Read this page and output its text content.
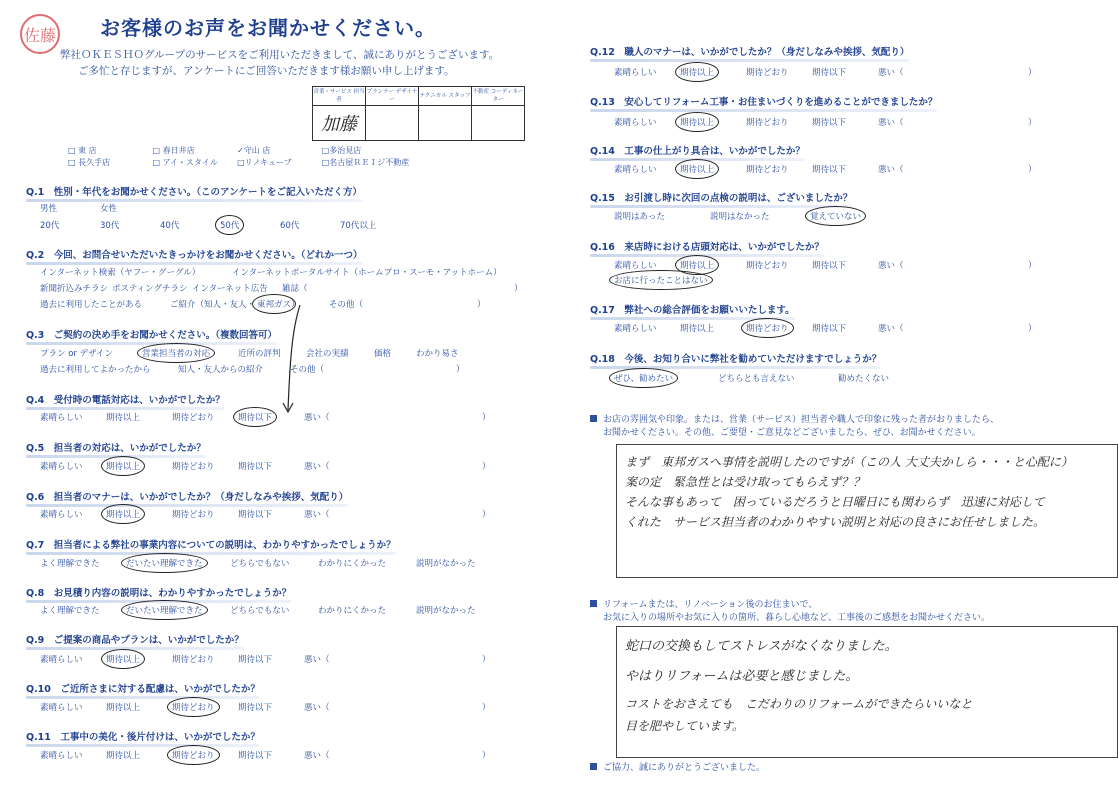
佐藤 お客様のお声をお聞かせください。
弊社ＯＫＥＳＨＯグループのサービスをご利用いただきまして、誠にありがとうございます。
ご多忙と存じますが、アンケートにご回答いただきます様お願い申し上げます。
営業・サービス 担当者	プランナー デザイナー	テクニカル スタッフ	不動産 コーディネーター
加藤			
□ 東 店	□ 春日井店	✓守山 店	□多治見店
□ 長久手店	□ アイ・スタイル □リノキューブ	□名古屋ＲＥＩジ不動産
Q.1　性別・年代をお聞かせください。（このアンケートをご記入いただく方）
男性	女性
20代	30代	40代	50代	60代	70代以上
Q.2　今回、お問合せいただいたきっかけをお聞かせください。（どれか一つ）
インターネット検索（ヤフー・グーグル）	インターネットポータルサイト（ホームプロ・スーモ・アットホーム）
新聞折込みチラシ ポスティングチラシ インターネット広告 雑誌（	）
過去に利用したことがある	ご紹介（知人・友人・ 東邦ガス）	その他（	）
Q.3　ご契約の決め手をお聞かせください。（複数回答可）
プラン or デザイン	営業担当者の対応	近所の評判	会社の実績	価格	わかり易さ
過去に利用してよかったから	知人・友人からの紹介	その他（	）
Q.4　受付時の電話対応は、いかがでしたか？
素晴らしい	期待以上	期待どおり	期待以下	悪い（	）
Q.5　担当者の対応は、いかがでしたか？
素晴らしい	期待以上	期待どおり	期待以下	悪い（	）
Q.6　担当者のマナーは、いかがでしたか？（身だしなみや挨拶、気配り）
素晴らしい	期待以上	期待どおり	期待以下	悪い（	）
Q.7　担当者による弊社の事業内容についての説明は、わかりやすかったでしょうか？
よく理解できた	だいたい理解できた	どちらでもない	わかりにくかった	説明がなかった
Q.8　お見積り内容の説明は、わかりやすかったでしょうか？
よく理解できた	だいたい理解できた	どちらでもない	わかりにくかった	説明がなかった
Q.9　ご提案の商品やプランは、いかがでしたか？
素晴らしい	期待以上	期待どおり	期待以下	悪い（	）
Q.10　ご近所さまに対する配慮は、いかがでしたか？
素晴らしい	期待以上	期待どおり	期待以下	悪い（	）
Q.11　工事中の美化・後片付けは、いかがでしたか？
素晴らしい	期待以上	期待どおり	期待以下	悪い（	）
Q.12　職人のマナーは、いかがでしたか？（身だしなみや挨拶、気配り）
素晴らしい	期待以上	期待どおり	期待以下	悪い（	）
Q.13　安心してリフォーム工事・お住まいづくりを進めることができましたか？
素晴らしい	期待以上	期待どおり	期待以下	悪い（	）
Q.14　工事の仕上がり具合は、いかがでしたか？
素晴らしい	期待以上	期待どおり	期待以下	悪い（	）
Q.15　お引渡し時に次回の点検の説明は、ございましたか？
説明はあった	説明はなかった	覚えていない
Q.16　来店時における店頭対応は、いかがでしたか？
素晴らしい	期待以上	期待どおり	期待以下	悪い（	）
お店に行ったことはない
Q.17　弊社への総合評価をお願いいたします。
素晴らしい	期待以上	期待どおり	期待以下	悪い（	）
Q.18　今後、お知り合いに弊社を勧めていただけますでしょうか？
ぜひ、勧めたい	どちらとも言えない	勧めたくない
お店の雰囲気や印象。または、営業（サービス）担当者や職人で印象に残った者がおりましたら、
お聞かせください。その他、ご要望・ご意見などございましたら、ぜひ、お聞かせください。
まず　東邦ガスへ事情を説明したのですが（この人 大丈夫かしら・・・と心配に）
案の定　緊急性とは受け取ってもらえず？？
そんな事もあって　困っているだろうと日曜日にも関わらず　迅速に対応して
くれた　サービス担当者のわかりやすい説明と対応の良さにお任せしました。
リフォームまたは、リノベーション後のお住まいで、
お気に入りの場所やお気に入りの箇所、暮らし心地など、工事後のご感想をお聞かせください。
蛇口の交換もしてストレスがなくなりました。
やはりリフォームは必要と感じました。
コストをおさえても　こだわりのリフォームができたらいいなと
目を肥やしています。
ご協力、誠にありがとうございました。
